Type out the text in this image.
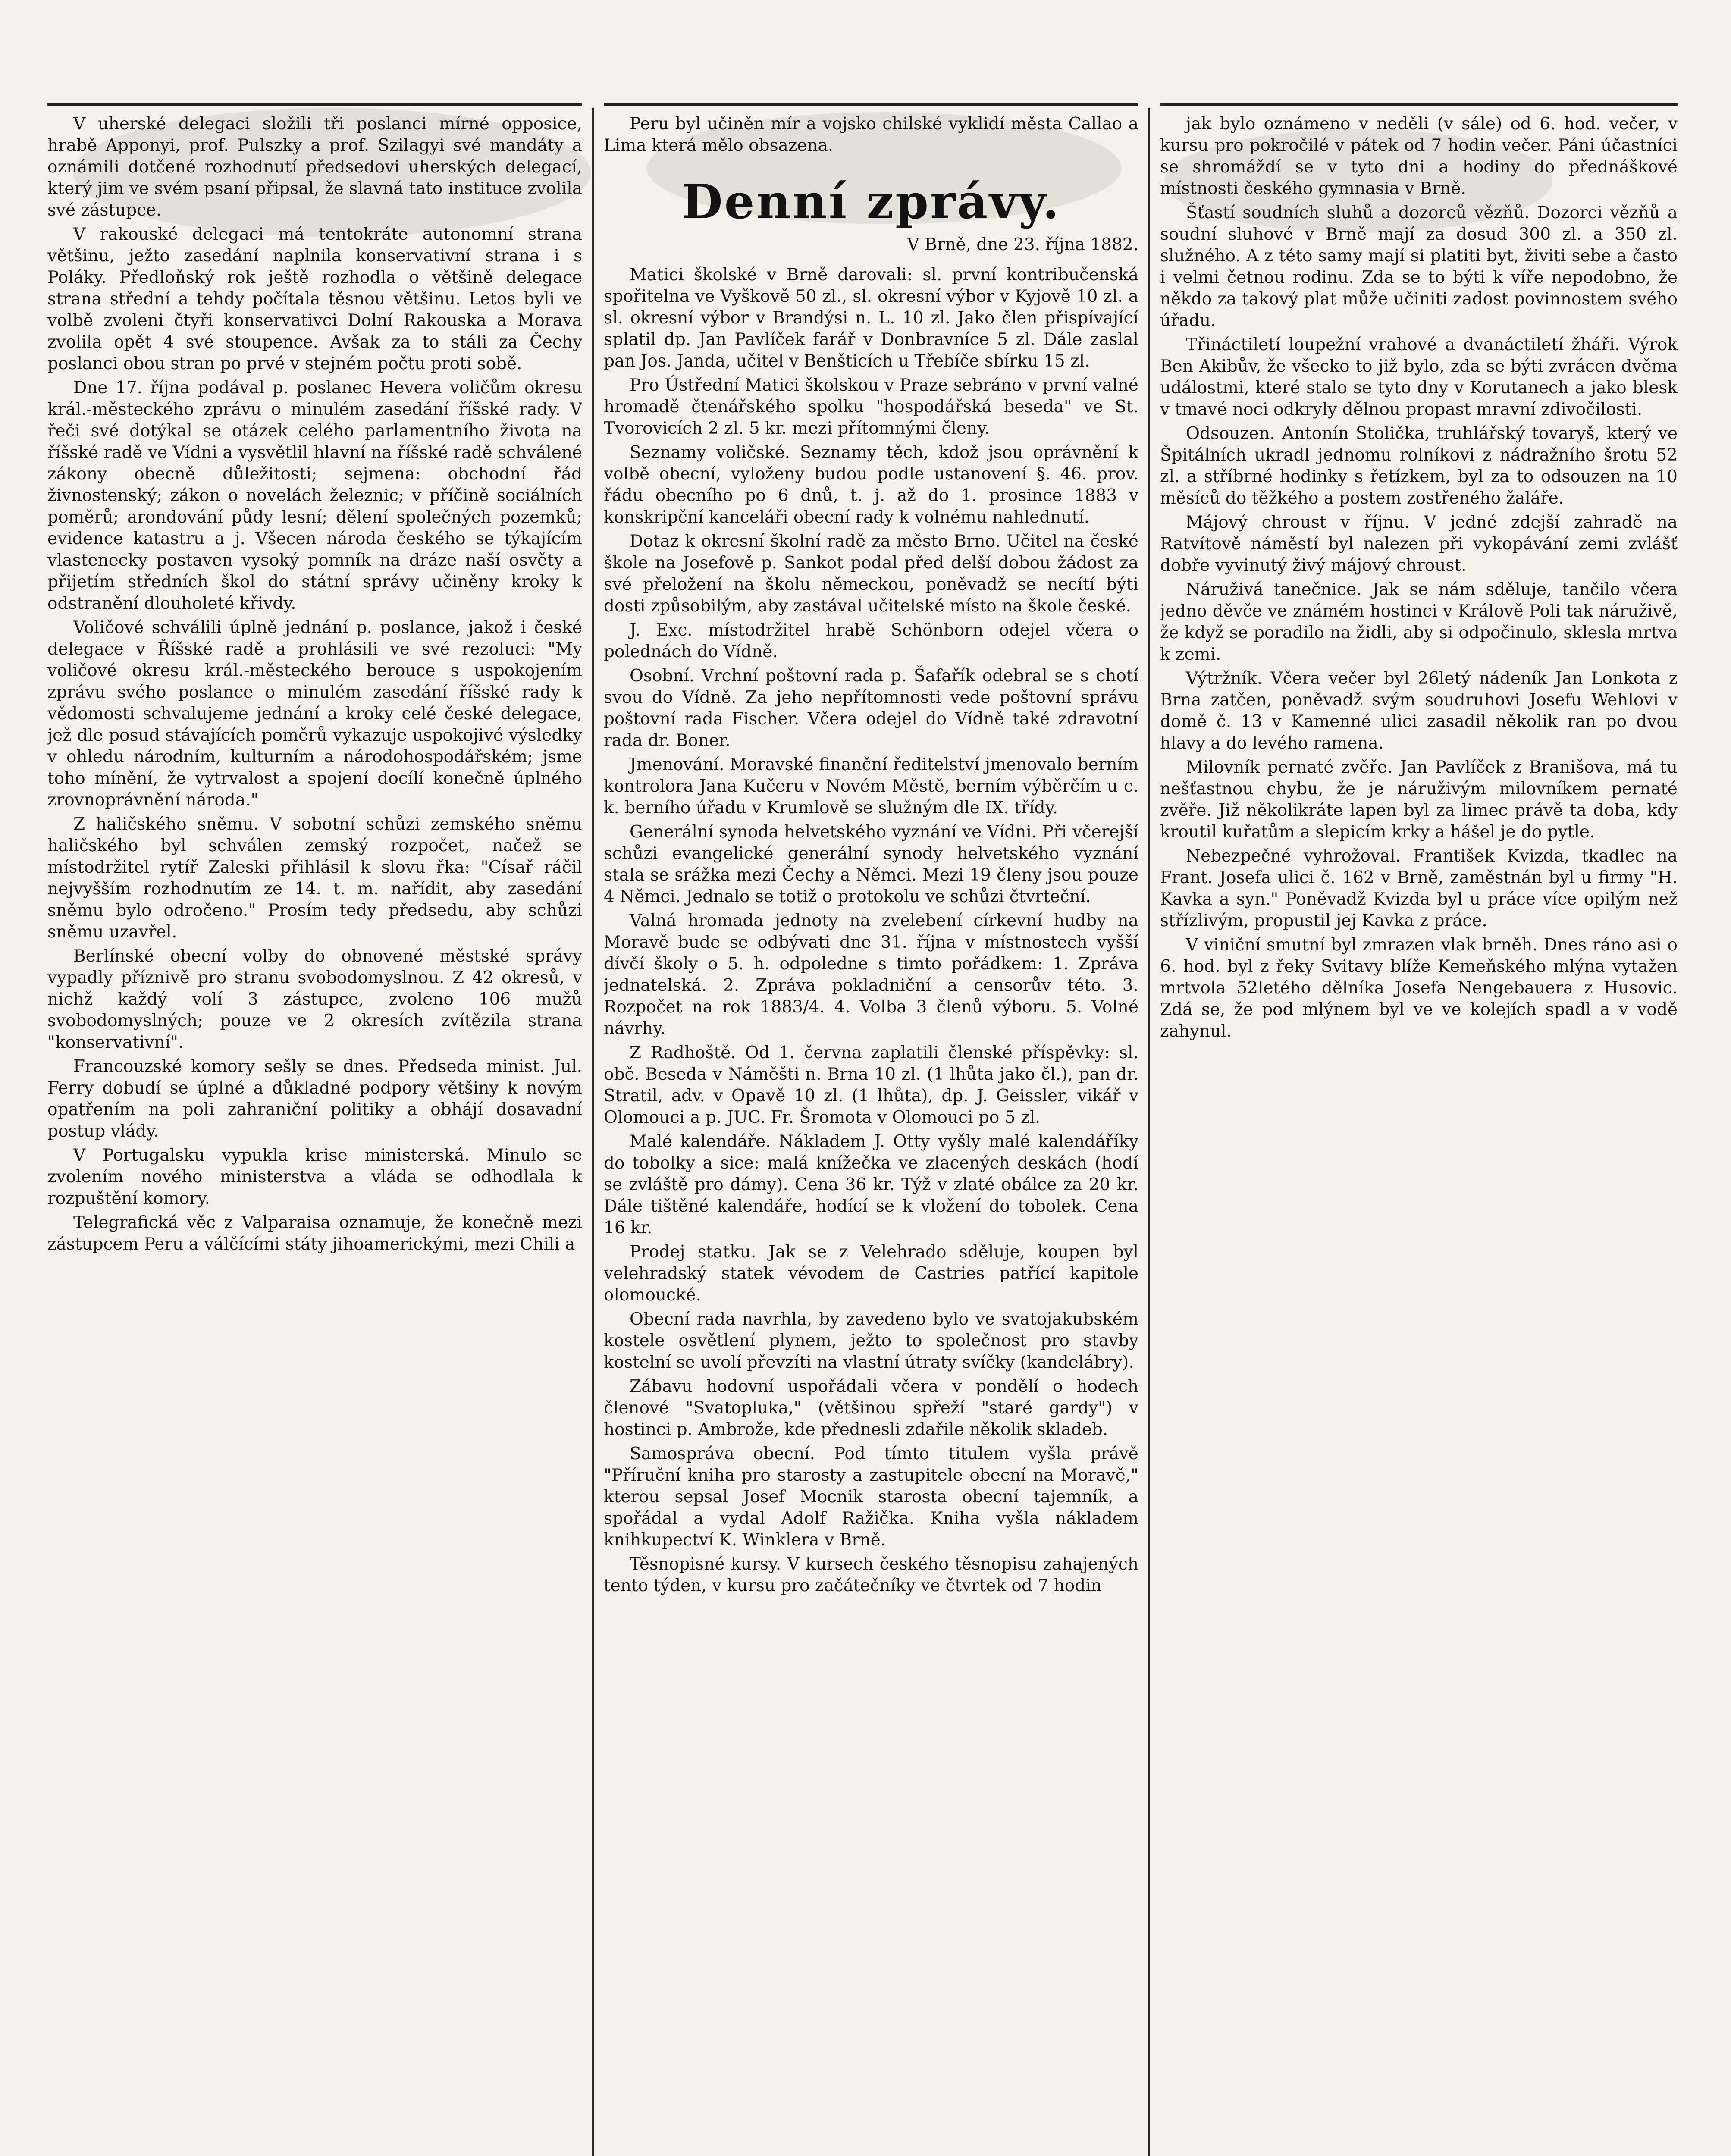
V uherské delegaci složili tři poslanci mírné opposice, hrabě Apponyi, prof. Pulszky a prof. Szilagyi své mandáty a oznámili dotčené rozhodnutí předsedovi uherských delegací, který jim ve svém psaní připsal, že slavná tato instituce zvolila své zástupce.

V rakouské delegaci má tentokráte autonomní strana většinu, ježto zasedání naplnila konservativní strana i s Poláky. Předloňský rok ještě rozhodla o většině delegace strana střední a tehdy počítala těsnou většinu. Letos byli ve volbě zvoleni čtyři konservativci Dolní Rakouska a Morava zvolila opět 4 své stoupence. Avšak za to stáli za Čechy poslanci obou stran po prvé v stejném počtu proti sobě.

Dne 17. října podával p. poslanec Hevera voličům okresu král.-městeckého zprávu o minulém zasedání říšské rady. V řeči své dotýkal se otázek celého parlamentního života na říšské radě ve Vídni a vysvětlil hlavní na říšské radě schválené zákony obecně důležitosti; sejmena: obchodní řád živnostenský; zákon o novelách železnic; v příčině sociálních poměrů; arondování půdy lesní; dělení společných pozemků; evidence katastru a j. Všecen národa českého se týkajícím vlastenecky postaven vysoký pomník na dráze naší osvěty a přijetím středních škol do státní správy učiněny kroky k odstranění dlouholeté křivdy.

Voličové schválili úplně jednání p. poslance, jakož i české delegace v Říšské radě a prohlásili ve své rezoluci: "My voličové okresu král.-městeckého berouce s uspokojením zprávu svého poslance o minulém zasedání říšské rady k vědomosti schvalujeme jednání a kroky celé české delegace, jež dle posud stávajících poměrů vykazuje uspokojivé výsledky v ohledu národním, kulturním a národohospodářském; jsme toho mínění, že vytrvalost a spojení docílí konečně úplného zrovnoprávnění národa."

Z haličského sněmu. V sobotní schůzi zemského sněmu haličského byl schválen zemský rozpočet, načež se místodržitel rytíř Zaleski přihlásil k slovu řka: "Císař ráčil nejvyšším rozhodnutím ze 14. t. m. nařídit, aby zasedání sněmu bylo odročeno." Prosím tedy předsedu, aby schůzi sněmu uzavřel.

Berlínské obecní volby do obnovené městské správy vypadly příznivě pro stranu svobodomyslnou. Z 42 okresů, v nichž každý volí 3 zástupce, zvoleno 106 mužů svobodomyslných; pouze ve 2 okresích zvítězila strana "konservativní".

Francouzské komory sešly se dnes. Předseda minist. Jul. Ferry dobudí se úplné a důkladné podpory většiny k novým opatřením na poli zahraniční politiky a obhájí dosavadní postup vlády.

V Portugalsku vypukla krise ministerská. Minulo se zvolením nového ministerstva a vláda se odhodlala k rozpuštění komory.

Telegrafická věc z Valparaisa oznamuje, že konečně mezi zástupcem Peru a válčícími státy jihoamerickými, mezi Chili a

Peru byl učiněn mír a vojsko chilské vyklidí města Callao a Lima která mělo obsazena.

Denní zprávy.
V Brně, dne 23. října 1882.

Matici školské v Brně darovali: sl. první kontribučenská spořitelna ve Vyškově 50 zl., sl. okresní výbor v Kyjově 10 zl. a sl. okresní výbor v Brandýsi n. L. 10 zl. Jako člen přispívající splatil dp. Jan Pavlíček farář v Donbravníce 5 zl. Dále zaslal pan Jos. Janda, učitel v Benšticích u Třebíče sbírku 15 zl.

Pro Ústřední Matici školskou v Praze sebráno v první valné hromadě čtenářského spolku "hospodářská beseda" ve St. Tvorovicích 2 zl. 5 kr. mezi přítomnými členy.

Seznamy voličské. Seznamy těch, kdož jsou oprávnění k volbě obecní, vyloženy budou podle ustanovení §. 46. prov. řádu obecního po 6 dnů, t. j. až do 1. prosince 1883 v konskripční kanceláři obecní rady k volnému nahlednutí.

Dotaz k okresní školní radě za město Brno. Učitel na české škole na Josefově p. Sankot podal před delší dobou žádost za své přeložení na školu německou, poněvadž se necítí býti dosti způsobilým, aby zastával učitelské místo na škole české.

J. Exc. místodržitel hrabě Schönborn odejel včera o polednách do Vídně.

Osobní. Vrchní poštovní rada p. Šafařík odebral se s chotí svou do Vídně. Za jeho nepřítomnosti vede poštovní správu poštovní rada Fischer. Včera odejel do Vídně také zdravotní rada dr. Boner.

Jmenování. Moravské finanční ředitelství jmenovalo berním kontrolora Jana Kučeru v Novém Městě, berním výběrčím u c. k. berního úřadu v Krumlově se služným dle IX. třídy.

Generální synoda helvetského vyznání ve Vídni. Při včerejší schůzi evangelické generální synody helvetského vyznání stala se srážka mezi Čechy a Němci. Mezi 19 členy jsou pouze 4 Němci. Jednalo se totiž o protokolu ve schůzi čtvrteční.

Valná hromada jednoty na zvelebení církevní hudby na Moravě bude se odbývati dne 31. října v místnostech vyšší dívčí školy o 5. h. odpoledne s timto pořádkem: 1. Zpráva jednatelská. 2. Zpráva pokladniční a censorův této. 3. Rozpočet na rok 1883/4. 4. Volba 3 členů výboru. 5. Volné návrhy.

Z Radhoště. Od 1. června zaplatili členské příspěvky: sl. obč. Beseda v Náměšti n. Brna 10 zl. (1 lhůta jako čl.), pan dr. Stratil, adv. v Opavě 10 zl. (1 lhůta), dp. J. Geissler, vikář v Olomouci a p. JUC. Fr. Šromota v Olomouci po 5 zl.

Malé kalendáře. Nákladem J. Otty vyšly malé kalendáříky do tobolky a sice: malá knížečka ve zlacených deskách (hodí se zvláště pro dámy). Cena 36 kr. Týž v zlaté obálce za 20 kr. Dále tištěné kalendáře, hodící se k vložení do tobolek. Cena 16 kr.

Prodej statku. Jak se z Velehrado sděluje, koupen byl velehradský statek vévodem de Castries patřící kapitole olomoucké.

Obecní rada navrhla, by zavedeno bylo ve svatojakubském kostele osvětlení plynem, ježto to společnost pro stavby kostelní se uvolí převzíti na vlastní útraty svíčky (kandelábry).

Zábavu hodovní uspořádali včera v pondělí o hodech členové "Svatopluka," (většinou spřeží "staré gardy") v hostinci p. Ambrože, kde přednesli zdařile několik skladeb.

Samospráva obecní. Pod tímto titulem vyšla právě "Příruční kniha pro starosty a zastupitele obecní na Moravě," kterou sepsal Josef Mocnik starosta obecní tajemník, a spořádal a vydal Adolf Ražička. Kniha vyšla nákladem knihkupectví K. Winklera v Brně.

Těsnopisné kursy. V kursech českého těsnopisu zahajených tento týden, v kursu pro začátečníky ve čtvrtek od 7 hodin

jak bylo oznámeno v neděli (v sále) od 6. hod. večer, v kursu pro pokročilé v pátek od 7 hodin večer. Páni účastníci se shromáždí se v tyto dni a hodiny do přednáškové místnosti českého gymnasia v Brně.

Šťastí soudních sluhů a dozorců vězňů. Dozorci vězňů a soudní sluhové v Brně mají za dosud 300 zl. a 350 zl. služného. A z této samy mají si platiti byt, živiti sebe a často i velmi četnou rodinu. Zda se to býti k víře nepodobno, že někdo za takový plat může učiniti zadost povinnostem svého úřadu.

Třináctiletí loupežní vrahové a dvanáctiletí žháři. Výrok Ben Akibův, že všecko to již bylo, zda se býti zvrácen dvěma událostmi, které stalo se tyto dny v Korutanech a jako blesk v tmavé noci odkryly dělnou propast mravní zdivočilosti.

Odsouzen. Antonín Stolička, truhlářský tovaryš, který ve Špitálních ukradl jednomu rolníkovi z nádražního šrotu 52 zl. a stříbrné hodinky s řetízkem, byl za to odsouzen na 10 měsíců do těžkého a postem zostřeného žaláře.

Májový chroust v říjnu. V jedné zdejší zahradě na Ratvítově náměstí byl nalezen při vykopávání zemi zvlášť dobře vyvinutý živý májový chroust.

Náruživá tanečnice. Jak se nám sděluje, tančilo včera jedno děvče ve známém hostinci v Králově Poli tak náruživě, že když se poradilo na židli, aby si odpočinulo, sklesla mrtva k zemi.

Výtržník. Včera večer byl 26letý nádeník Jan Lonkota z Brna zatčen, poněvadž svým soudruhovi Josefu Wehlovi v domě č. 13 v Kamenné ulici zasadil několik ran po dvou hlavy a do levého ramena.

Milovník pernaté zvěře. Jan Pavlíček z Branišova, má tu nešťastnou chybu, že je náruživým milovníkem pernaté zvěře. Již několikráte lapen byl za limec právě ta doba, kdy kroutil kuřatům a slepicím krky a hášel je do pytle.

Nebezpečné vyhrožoval. František Kvizda, tkadlec na Frant. Josefa ulici č. 162 v Brně, zaměstnán byl u firmy "H. Kavka a syn." Poněvadž Kvizda byl u práce více opilým než střízlivým, propustil jej Kavka z práce.

V viniční smutní byl zmrazen vlak brněh. Dnes ráno asi o 6. hod. byl z řeky Svitavy blíže Kemeňského mlýna vytažen mrtvola 52letého dělníka Josefa Nengebauera z Husovic. Zdá se, že pod mlýnem byl ve ve kolejích spadl a v vodě zahynul.
